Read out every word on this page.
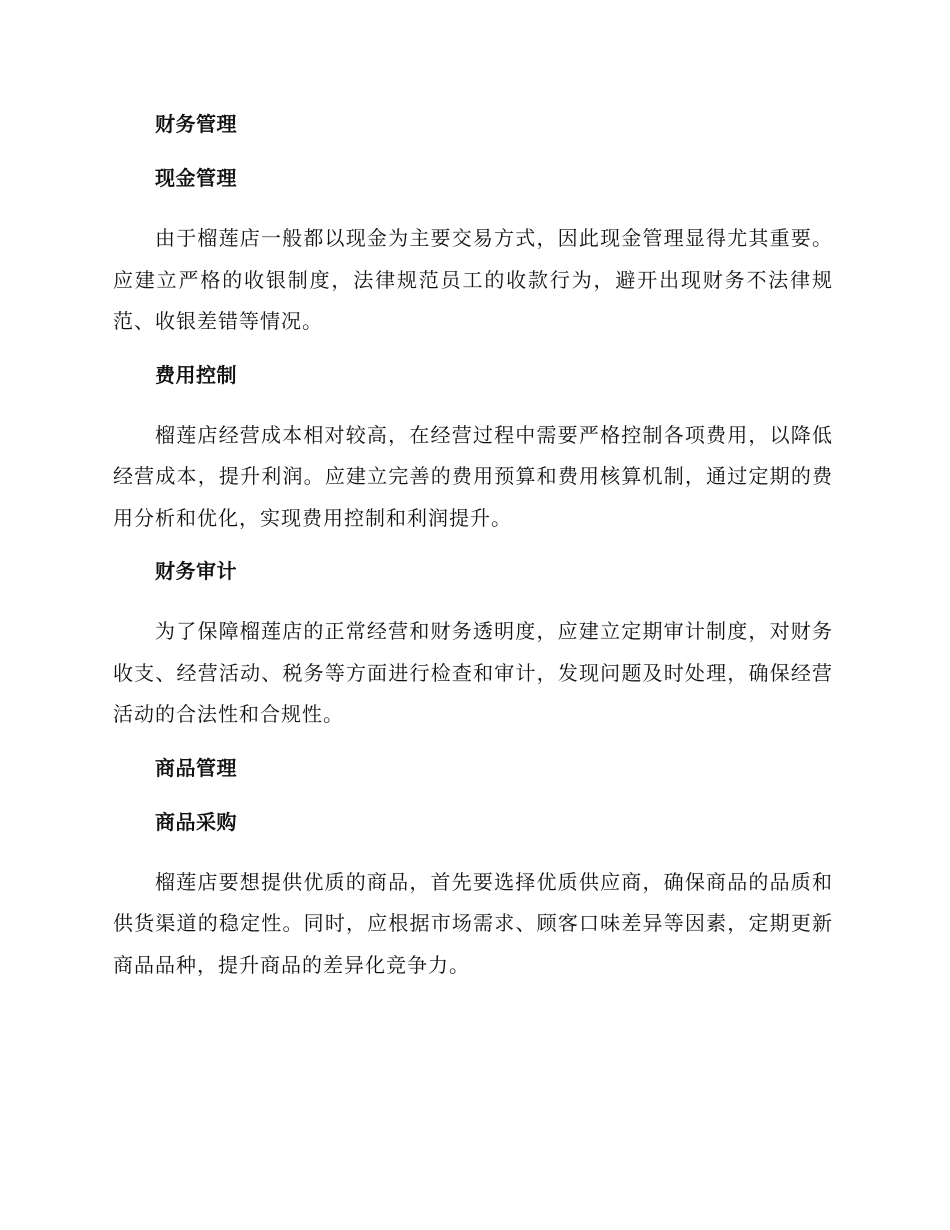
财务管理
现金管理

由于榴莲店一般都以现金为主要交易方式，因此现金管理显得尤其重要。应建立严格的收银制度，法律规范员工的收款行为，避开出现财务不法律规范、收银差错等情况。

费用控制

榴莲店经营成本相对较高，在经营过程中需要严格控制各项费用，以降低经营成本，提升利润。应建立完善的费用预算和费用核算机制，通过定期的费用分析和优化，实现费用控制和利润提升。

财务审计

为了保障榴莲店的正常经营和财务透明度，应建立定期审计制度，对财务收支、经营活动、税务等方面进行检查和审计，发现问题及时处理，确保经营活动的合法性和合规性。

商品管理
商品采购

榴莲店要想提供优质的商品，首先要选择优质供应商，确保商品的品质和供货渠道的稳定性。同时，应根据市场需求、顾客口味差异等因素，定期更新商品品种，提升商品的差异化竞争力。
